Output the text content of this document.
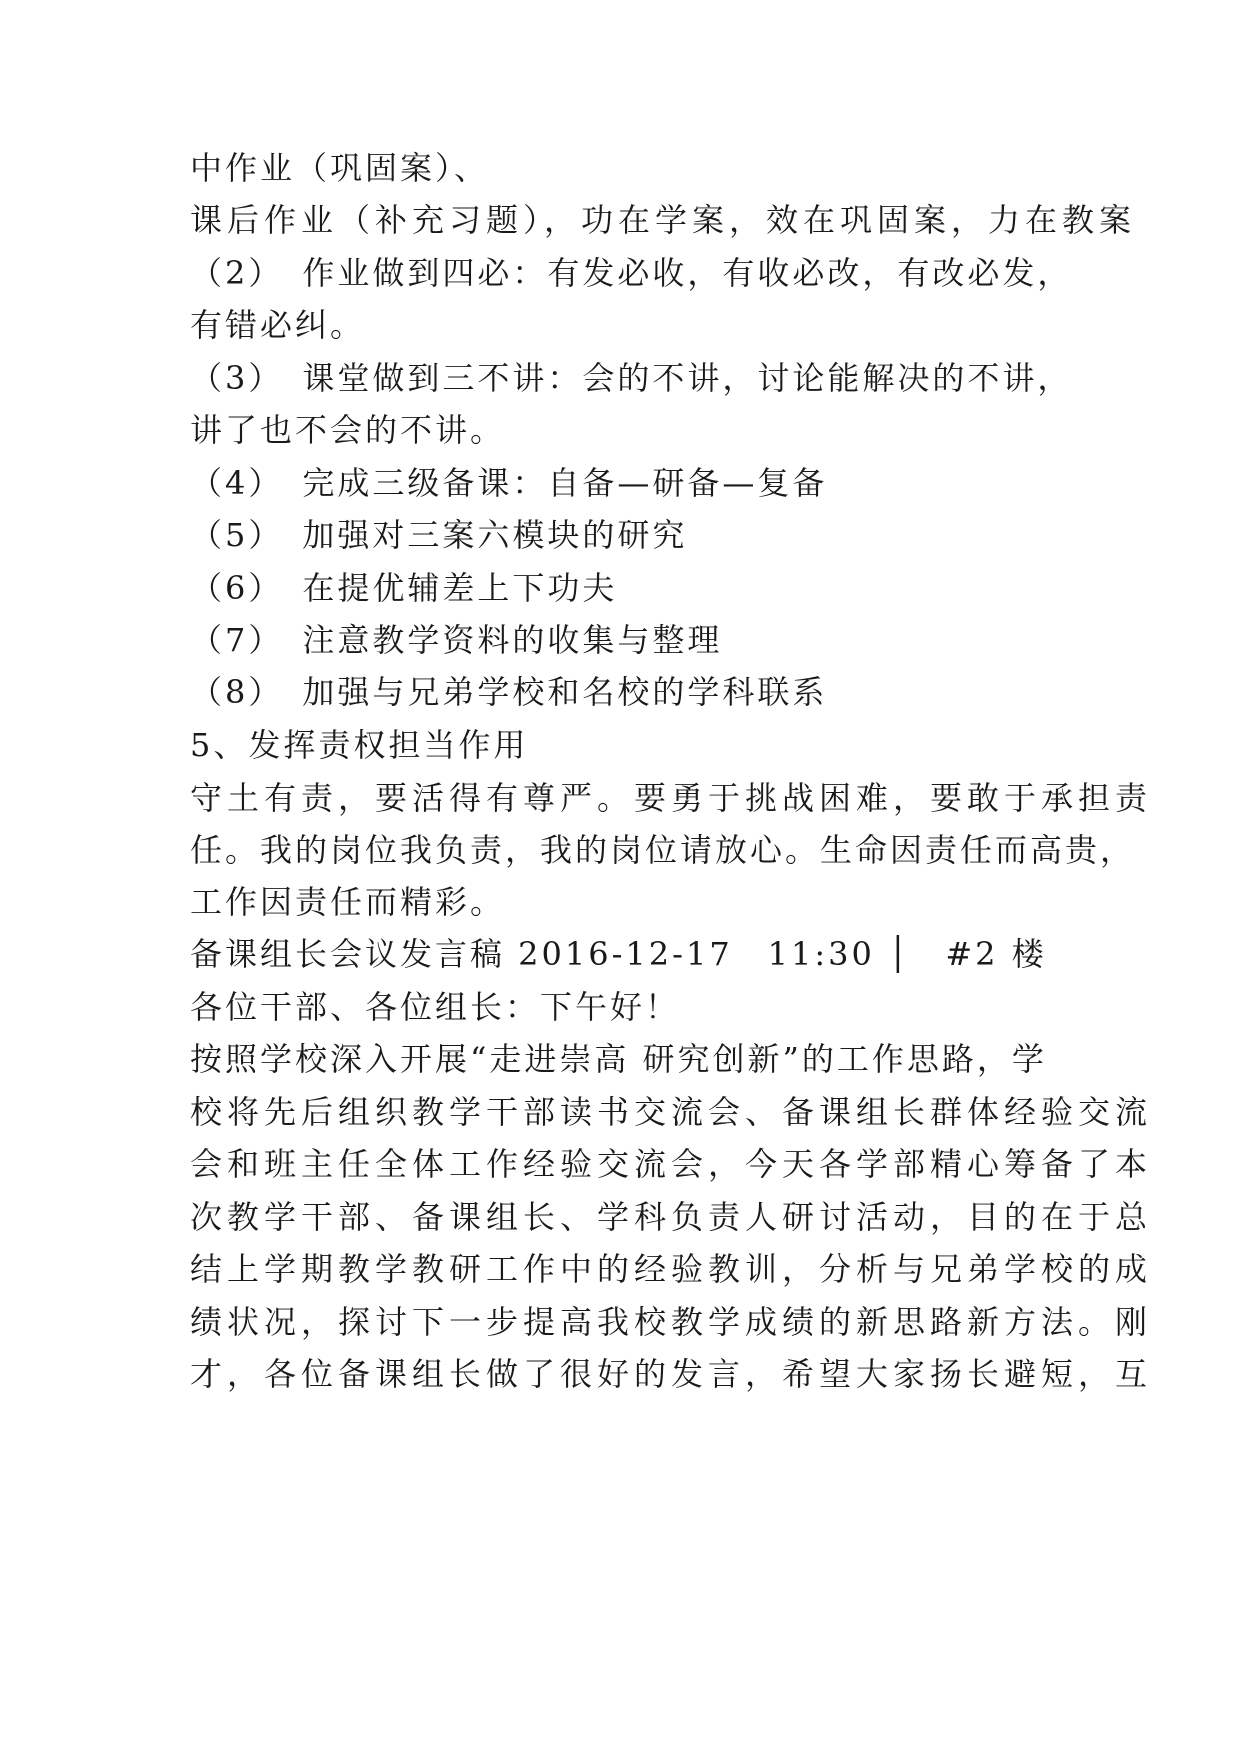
中作业（巩固案）、
课后作业（补充习题），功在学案，效在巩固案，力在教案
（2）　作业做到四必：有发必收，有收必改，有改必发，
有错必纠。
（3）　课堂做到三不讲：会的不讲，讨论能解决的不讲，
讲了也不会的不讲。
（4）　完成三级备课：自备—研备—复备
（5）　加强对三案六模块的研究
（6）　在提优辅差上下功夫
（7）　注意教学资料的收集与整理
（8）　加强与兄弟学校和名校的学科联系
5、发挥责权担当作用
守土有责，要活得有尊严。要勇于挑战困难，要敢于承担责
任。我的岗位我负责，我的岗位请放心。生命因责任而高贵，
工作因责任而精彩。
备课组长会议发言稿 2016-12-17　11:30 │　#2 楼
各位干部、各位组长：下午好！
按照学校深入开展“走进崇高 研究创新”的工作思路，学
校将先后组织教学干部读书交流会、备课组长群体经验交流
会和班主任全体工作经验交流会，今天各学部精心筹备了本
次教学干部、备课组长、学科负责人研讨活动，目的在于总
结上学期教学教研工作中的经验教训，分析与兄弟学校的成
绩状况，探讨下一步提高我校教学成绩的新思路新方法。刚
才，各位备课组长做了很好的发言，希望大家扬长避短，互
